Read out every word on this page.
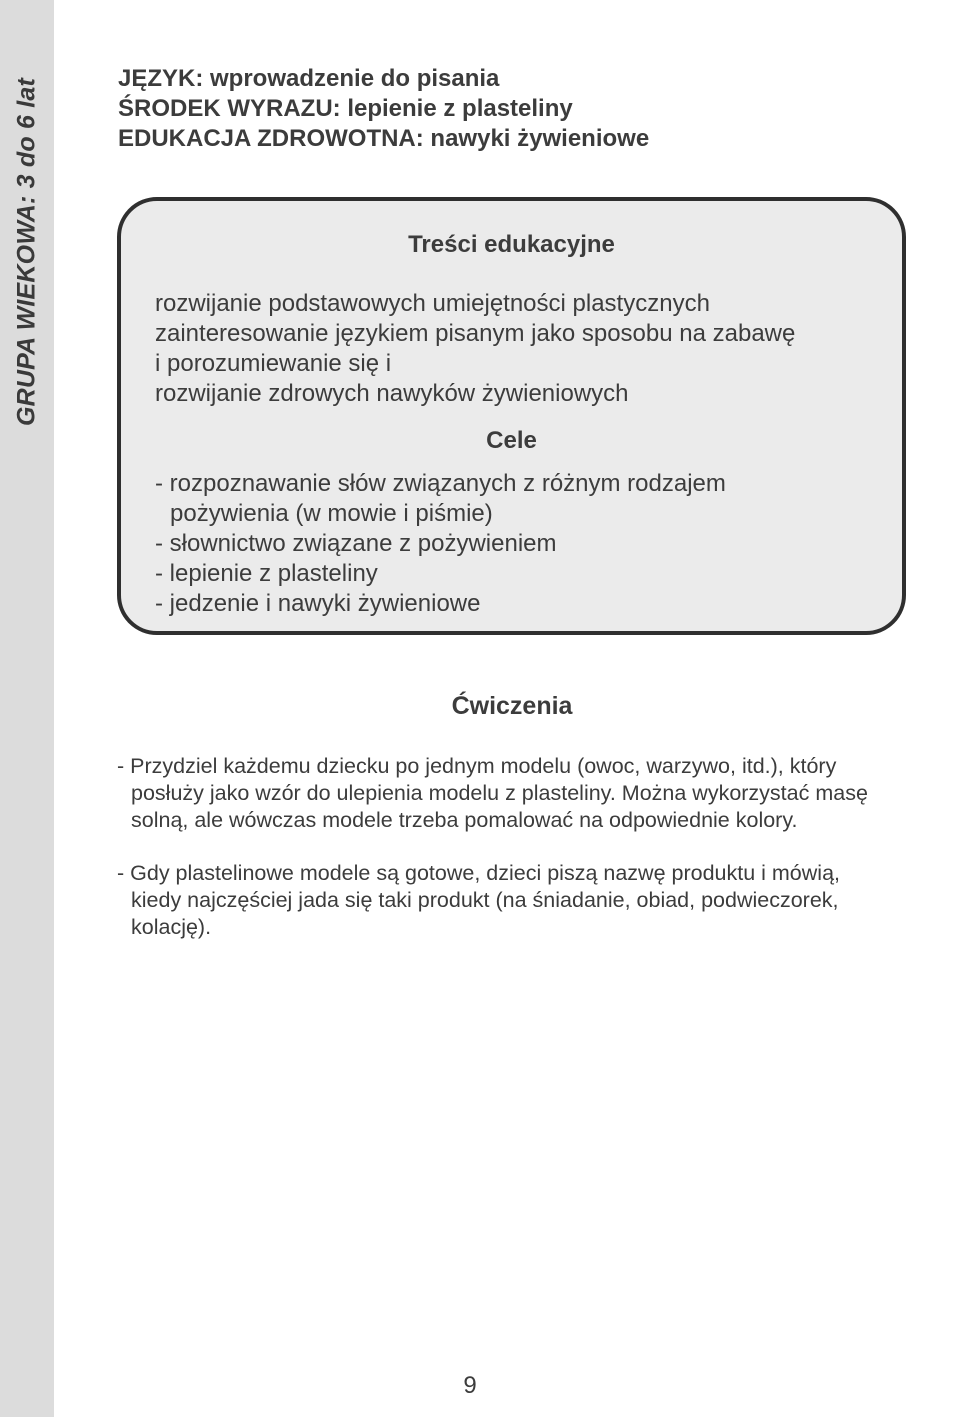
GRUPA WIEKOWA: 3 do 6 lat	JĘZYK: wprowadzenie do pisania
ŚRODEK WYRAZU: lepienie z plasteliny
EDUKACJA ZDROWOTNA: nawyki żywieniowe
Treści edukacyjne
rozwijanie podstawowych umiejętności plastycznych
zainteresowanie językiem pisanym jako sposobu na zabawę
i porozumiewanie się i
rozwijanie zdrowych nawyków żywieniowych
Cele
- rozpoznawanie słów związanych z różnym rodzajem
pożywienia (w mowie i piśmie)
- słownictwo związane z pożywieniem
- lepienie z plasteliny
- jedzenie i nawyki żywieniowe
Ćwiczenia
- Przydziel każdemu dziecku po jednym modelu (owoc, warzywo, itd.), który
posłuży jako wzór do ulepienia modelu z plasteliny. Można wykorzystać masę
solną, ale wówczas modele trzeba pomalować na odpowiednie kolory.
- Gdy plastelinowe modele są gotowe, dzieci piszą nazwę produktu i mówią,
kiedy najczęściej jada się taki produkt (na śniadanie, obiad, podwieczorek,
kolację).
9
